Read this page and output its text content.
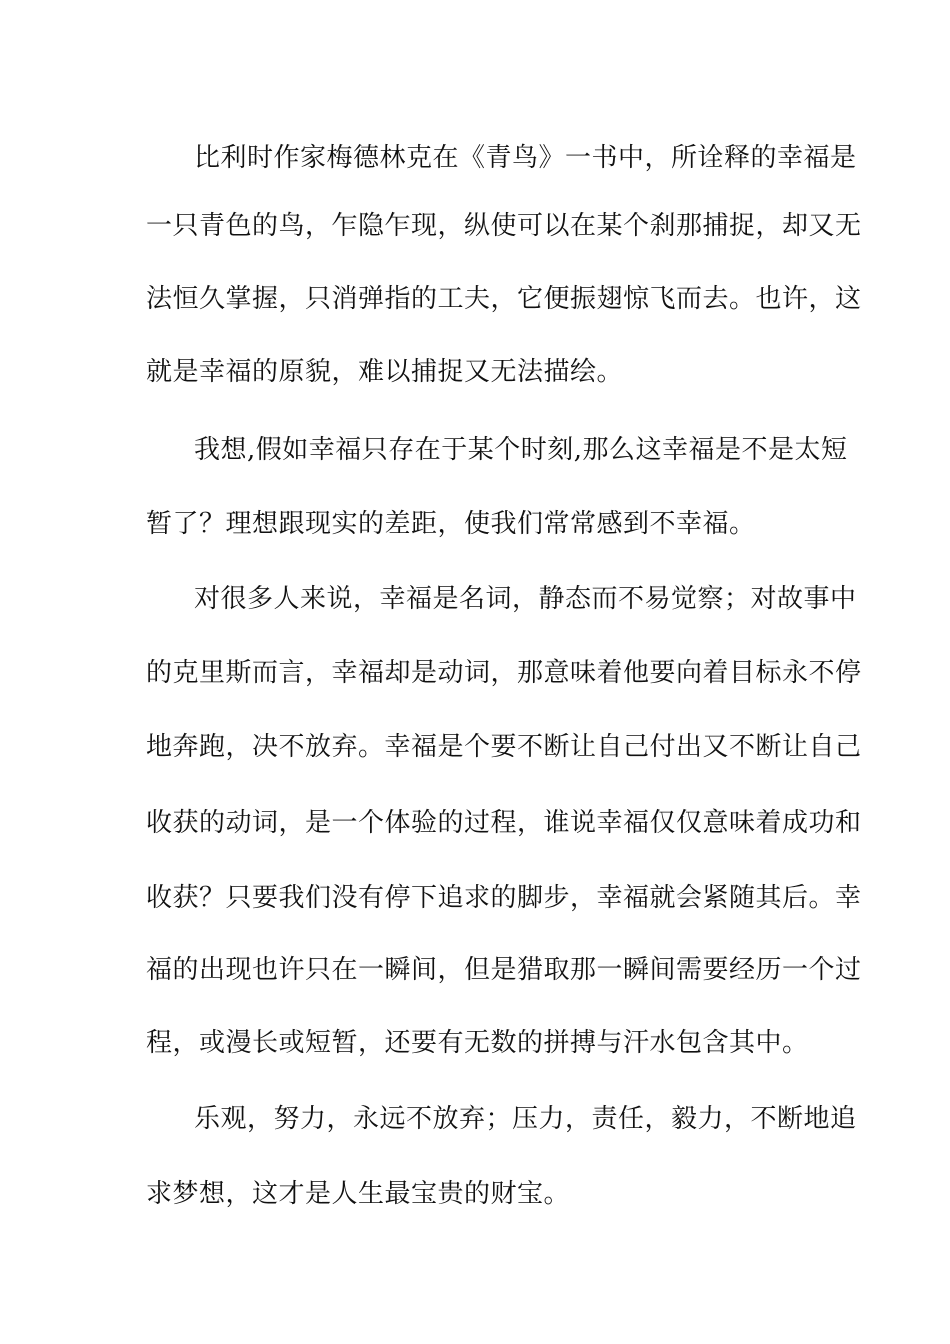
比利时作家梅德林克在《青鸟》一书中，所诠释的幸福是
一只青色的鸟，乍隐乍现，纵使可以在某个刹那捕捉，却又无
法恒久掌握，只消弹指的工夫，它便振翅惊飞而去。也许，这
就是幸福的原貌，难以捕捉又无法描绘。
我想,假如幸福只存在于某个时刻,那么这幸福是不是太短
暂了？理想跟现实的差距，使我们常常感到不幸福。
对很多人来说，幸福是名词，静态而不易觉察；对故事中
的克里斯而言，幸福却是动词，那意味着他要向着目标永不停
地奔跑，决不放弃。幸福是个要不断让自己付出又不断让自己
收获的动词，是一个体验的过程，谁说幸福仅仅意味着成功和
收获？只要我们没有停下追求的脚步，幸福就会紧随其后。幸
福的出现也许只在一瞬间，但是猎取那一瞬间需要经历一个过
程，或漫长或短暂，还要有无数的拼搏与汗水包含其中。
乐观，努力，永远不放弃；压力，责任，毅力，不断地追
求梦想，这才是人生最宝贵的财宝。
